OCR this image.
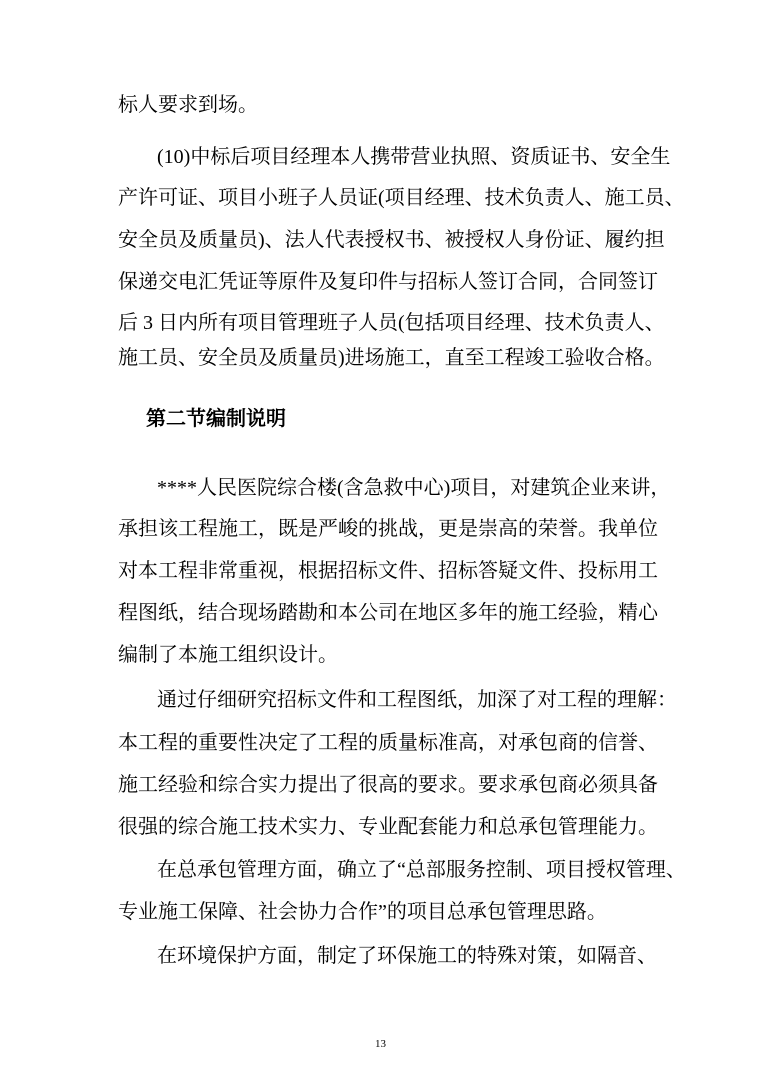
标人要求到场。
(10)中标后项目经理本人携带营业执照、资质证书、安全生
产许可证、项目小班子人员证(项目经理、技术负责人、施工员、
安全员及质量员)、法人代表授权书、被授权人身份证、履约担
保递交电汇凭证等原件及复印件与招标人签订合同，合同签订
后 3 日内所有项目管理班子人员(包括项目经理、技术负责人、
施工员、安全员及质量员)进场施工，直至工程竣工验收合格。
第二节编制说明
****人民医院综合楼(含急救中心)项目，对建筑企业来讲，
承担该工程施工，既是严峻的挑战，更是崇高的荣誉。我单位
对本工程非常重视，根据招标文件、招标答疑文件、投标用工
程图纸，结合现场踏勘和本公司在地区多年的施工经验，精心
编制了本施工组织设计。
通过仔细研究招标文件和工程图纸，加深了对工程的理解：
本工程的重要性决定了工程的质量标准高，对承包商的信誉、
施工经验和综合实力提出了很高的要求。要求承包商必须具备
很强的综合施工技术实力、专业配套能力和总承包管理能力。
在总承包管理方面，确立了“总部服务控制、项目授权管理、
专业施工保障、社会协力合作”的项目总承包管理思路。
在环境保护方面，制定了环保施工的特殊对策，如隔音、
13
